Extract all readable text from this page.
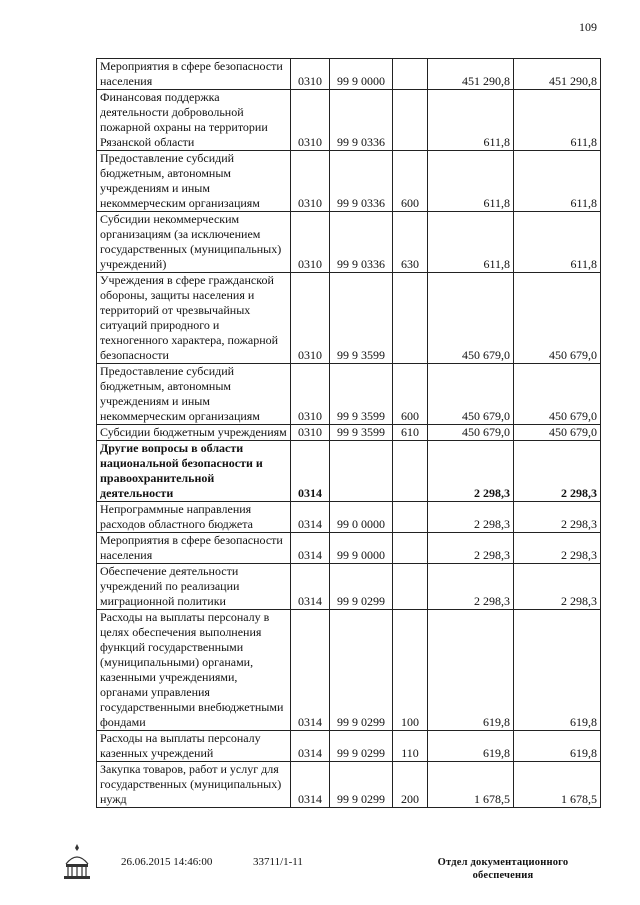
109
Мероприятия в сфере безопасности населения	0310	99 9 0000		451 290,8	451 290,8
Финансовая поддержка деятельности добровольной пожарной охраны на территории Рязанской области	0310	99 9 0336		611,8	611,8
Предоставление субсидий бюджетным, автономным учреждениям и иным некоммерческим организациям	0310	99 9 0336	600	611,8	611,8
Субсидии некоммерческим организациям (за исключением государственных (муниципальных) учреждений)	0310	99 9 0336	630	611,8	611,8
Учреждения в сфере гражданской обороны, защиты населения и территорий от чрезвычайных ситуаций природного и техногенного характера, пожарной безопасности	0310	99 9 3599		450 679,0	450 679,0
Предоставление субсидий бюджетным, автономным учреждениям и иным некоммерческим организациям	0310	99 9 3599	600	450 679,0	450 679,0
Субсидии бюджетным учреждениям	0310	99 9 3599	610	450 679,0	450 679,0
Другие вопросы в области национальной безопасности и правоохранительной деятельности	0314			2 298,3	2 298,3
Непрограммные направления расходов областного бюджета	0314	99 0 0000		2 298,3	2 298,3
Мероприятия в сфере безопасности населения	0314	99 9 0000		2 298,3	2 298,3
Обеспечение деятельности учреждений по реализации миграционной политики	0314	99 9 0299		2 298,3	2 298,3
Расходы на выплаты персоналу в целях обеспечения выполнения функций государственными (муниципальными) органами, казенными учреждениями, органами управления государственными внебюджетными фондами	0314	99 9 0299	100	619,8	619,8
Расходы на выплаты персоналу казенных учреждений	0314	99 9 0299	110	619,8	619,8
Закупка товаров, работ и услуг для государственных (муниципальных) нужд	0314	99 9 0299	200	1 678,5	1 678,5
26.06.2015 14:46:00	33711/1-11	Отдел документационного
обеспечения
